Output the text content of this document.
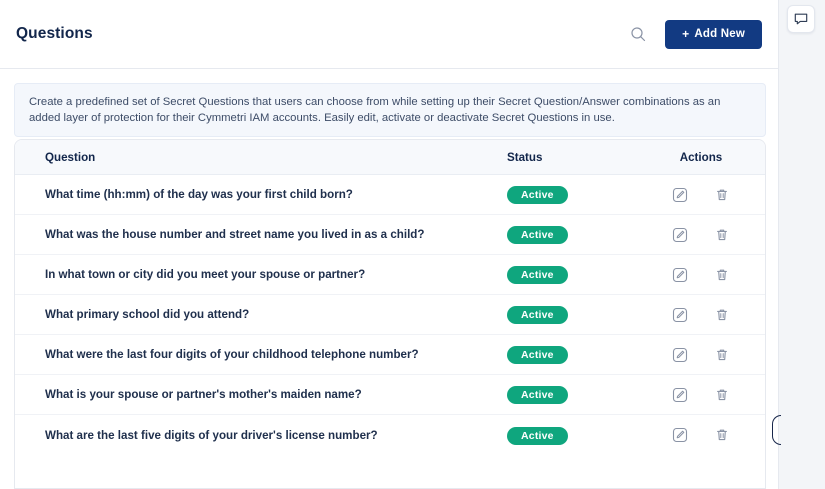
Questions	+ Add New
Create a predefined set of Secret Questions that users can choose from while setting up their Secret Question/Answer combinations as an added layer of protection for their Cymmetri IAM accounts. Easily edit, activate or deactivate Secret Questions in use.
Question	Status	Actions
What time (hh:mm) of the day was your first child born?	Active
What was the house number and street name you lived in as a child?	Active
In what town or city did you meet your spouse or partner?	Active
What primary school did you attend?	Active
What were the last four digits of your childhood telephone number?	Active
What is your spouse or partner's mother's maiden name?	Active
What are the last five digits of your driver's license number?	Active
